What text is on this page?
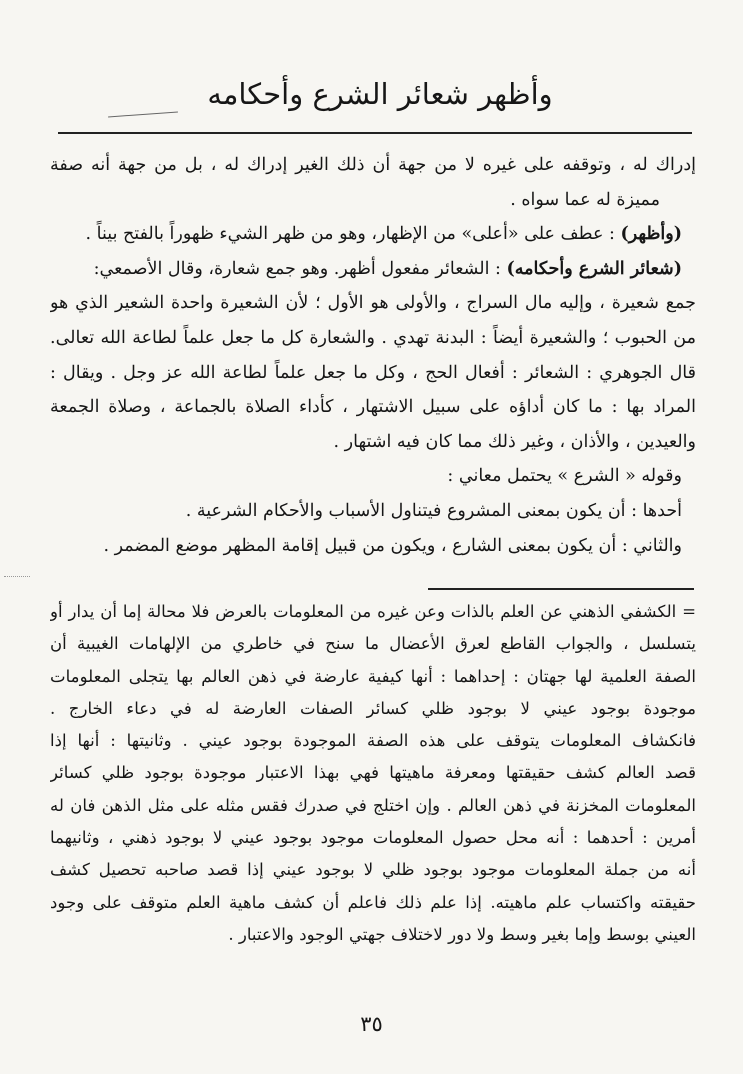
وأظهر شعائر الشرع وأحكامه
إدراك له ، وتوقفه على غيره لا من جهة أن ذلك الغير إدراك له ، بل من جهة أنه صفة
مميزة له عما سواه .
(وأظهر) : عطف على «أعلى» من الإظهار، وهو من ظهر الشيء ظهوراً بالفتح بيناً .
(شعائر الشرع وأحكامه) : الشعائر مفعول أظهر. وهو جمع شعارة، وقال الأصمعي:
جمع شعيرة ، وإليه مال السراج ، والأولى هو الأول ؛ لأن الشعيرة واحدة الشعير الذي هو
من الحبوب ؛ والشعيرة أيضاً : البدنة تهدي . والشعارة كل ما جعل علماً لطاعة الله تعالى.
قال الجوهري : الشعائر : أفعال الحج ، وكل ما جعل علماً لطاعة الله عز وجل . ويقال :
المراد بها : ما كان أداؤه على سبيل الاشتهار ، كأداء الصلاة بالجماعة ، وصلاة الجمعة
والعيدين ، والأذان ، وغير ذلك مما كان فيه اشتهار .
وقوله « الشرع » يحتمل معاني :
أحدها : أن يكون بمعنى المشروع فيتناول الأسباب والأحكام الشرعية .
والثاني : أن يكون بمعنى الشارع ، ويكون من قبيل إقامة المظهر موضع المضمر .
= الكشفي الذهني عن العلم بالذات وعن غيره من المعلومات بالعرض فلا محالة إما أن يدار أو
يتسلسل ، والجواب القاطع لعرق الأعضال ما سنح في خاطري من الإلهامات الغيبية أن
الصفة العلمية لها جهتان : إحداهما : أنها كيفية عارضة في ذهن العالم بها يتجلى المعلومات
موجودة بوجود عيني لا بوجود ظلي كسائر الصفات العارضة له في دعاء الخارج .
فانكشاف المعلومات يتوقف على هذه الصفة الموجودة بوجود عيني . وثانيتها : أنها إذا
قصد العالم كشف حقيقتها ومعرفة ماهيتها فهي بهذا الاعتبار موجودة بوجود ظلي كسائر
المعلومات المخزنة في ذهن العالم . وإن اختلج في صدرك فقس مثله على مثل الذهن فان له
أمرين : أحدهما : أنه محل حصول المعلومات موجود بوجود عيني لا بوجود ذهني ، وثانيهما
أنه من جملة المعلومات موجود بوجود ظلي لا بوجود عيني إذا قصد صاحبه تحصيل كشف
حقيقته واكتساب علم ماهيته. إذا علم ذلك فاعلم أن كشف ماهية العلم متوقف على وجود
العيني بوسط وإما بغير وسط ولا دور لاختلاف جهتي الوجود والاعتبار .
٣٥
